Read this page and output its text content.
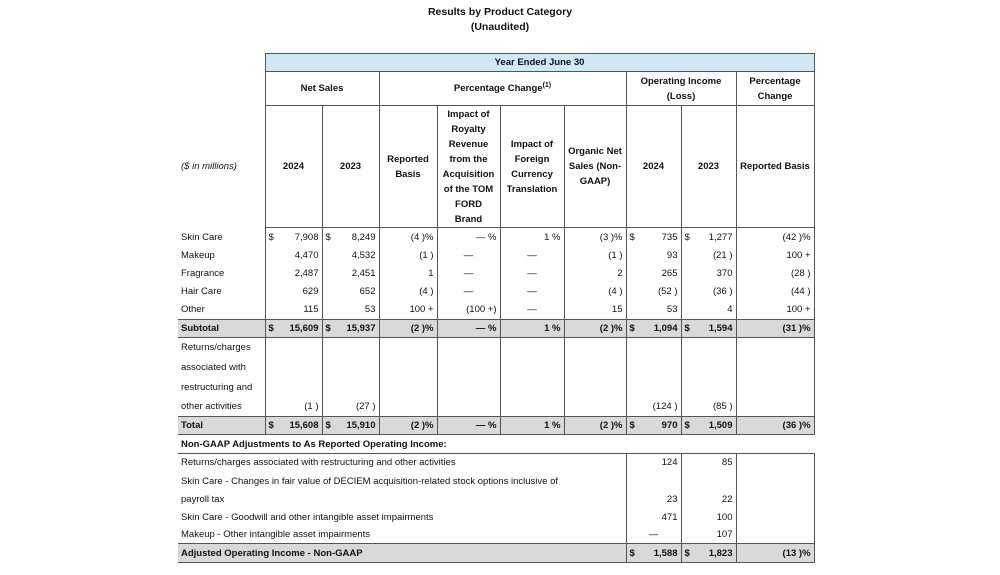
Results by Product Category
(Unaudited)
	Year Ended June 30								
	Net Sales		Percentage Change$^{(1)}$				Operating Income (Loss)		Percentage Change
($ in millions)	2024	2023	Reported Basis	Impact of Royalty Revenue from the Acquisition of the TOM FORD Brand	Impact of Foreign Currency Translation	Organic Net Sales (Non-GAAP)	2024	2023	Reported Basis
Skin Care	$ 7,908	$ 8,249	(4 )%	— %	1 %	(3 )%	$ 735	$ 1,277	(42 )%
Makeup	4,470	4,532	(1 )	—	—	(1 )	93	(21 )	100 +
Fragrance	2,487	2,451	1	—	—	2	265	370	(28 )
Hair Care	629	652	(4 )	—	—	(4 )	(52 )	(36 )	(44 )
Other	115	53	100 +	(100 +)	—	15	53	4	100 +
Subtotal	$ 15,609	$ 15,937	(2 )%	— %	1 %	(2 )%	$ 1,094	$ 1,594	(31 )%
Returns/charges									
associated with									
restructuring and									
other activities	(1 )	(27 )					(124 )	(85 )	
Total	$ 15,608	$ 15,910	(2 )%	— %	1 %	(2 )%	$ 970	$ 1,509	(36 )%
Non-GAAP Adjustments to As Reported Operating Income:									
Returns/charges associated with restructuring and other activities							124	85	
Skin Care - Changes in fair value of DECIEM acquisition-related stock options inclusive of									
payroll tax							23	22	
Skin Care - Goodwill and other intangible asset impairments							471	100	
Makeup - Other intangible asset impairments							—	107	
Adjusted Operating Income - Non-GAAP							$ 1,588	$ 1,823	(13 )%
